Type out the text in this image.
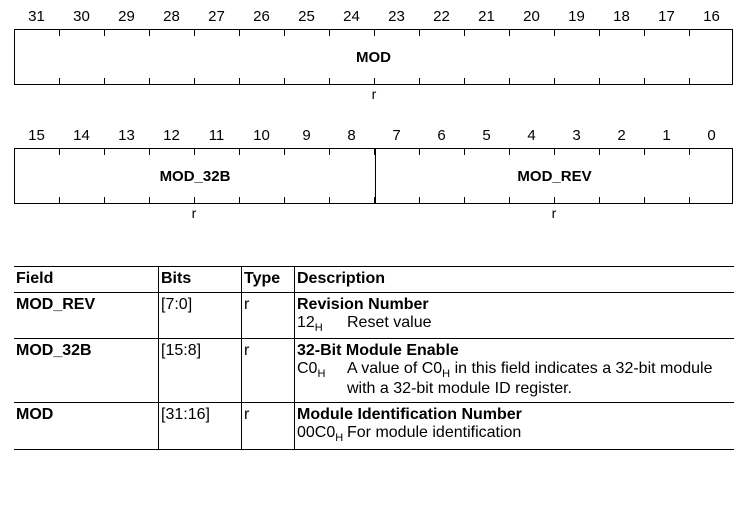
31	30	29	28	27	26	25	24	23	22	21	20	19	18	17	16
MOD
r
15	14	13	12	11	10	9	8	7	6	5	4	3	2	1	0
MOD_32B	MOD_REV
r	r
Field	Bits	Type	Description
MOD_REV	[7:0]	r	Revision Number
$12_H$ Reset value

MOD_32B	[15:8]	r	32-Bit Module Enable
$C0_H$ A value of $C0_H$ in this field indicates a 32-bit module with a 32-bit module ID register.

MOD	[31:16]	r	Module Identification Number
$00C0_H$ For module identification
